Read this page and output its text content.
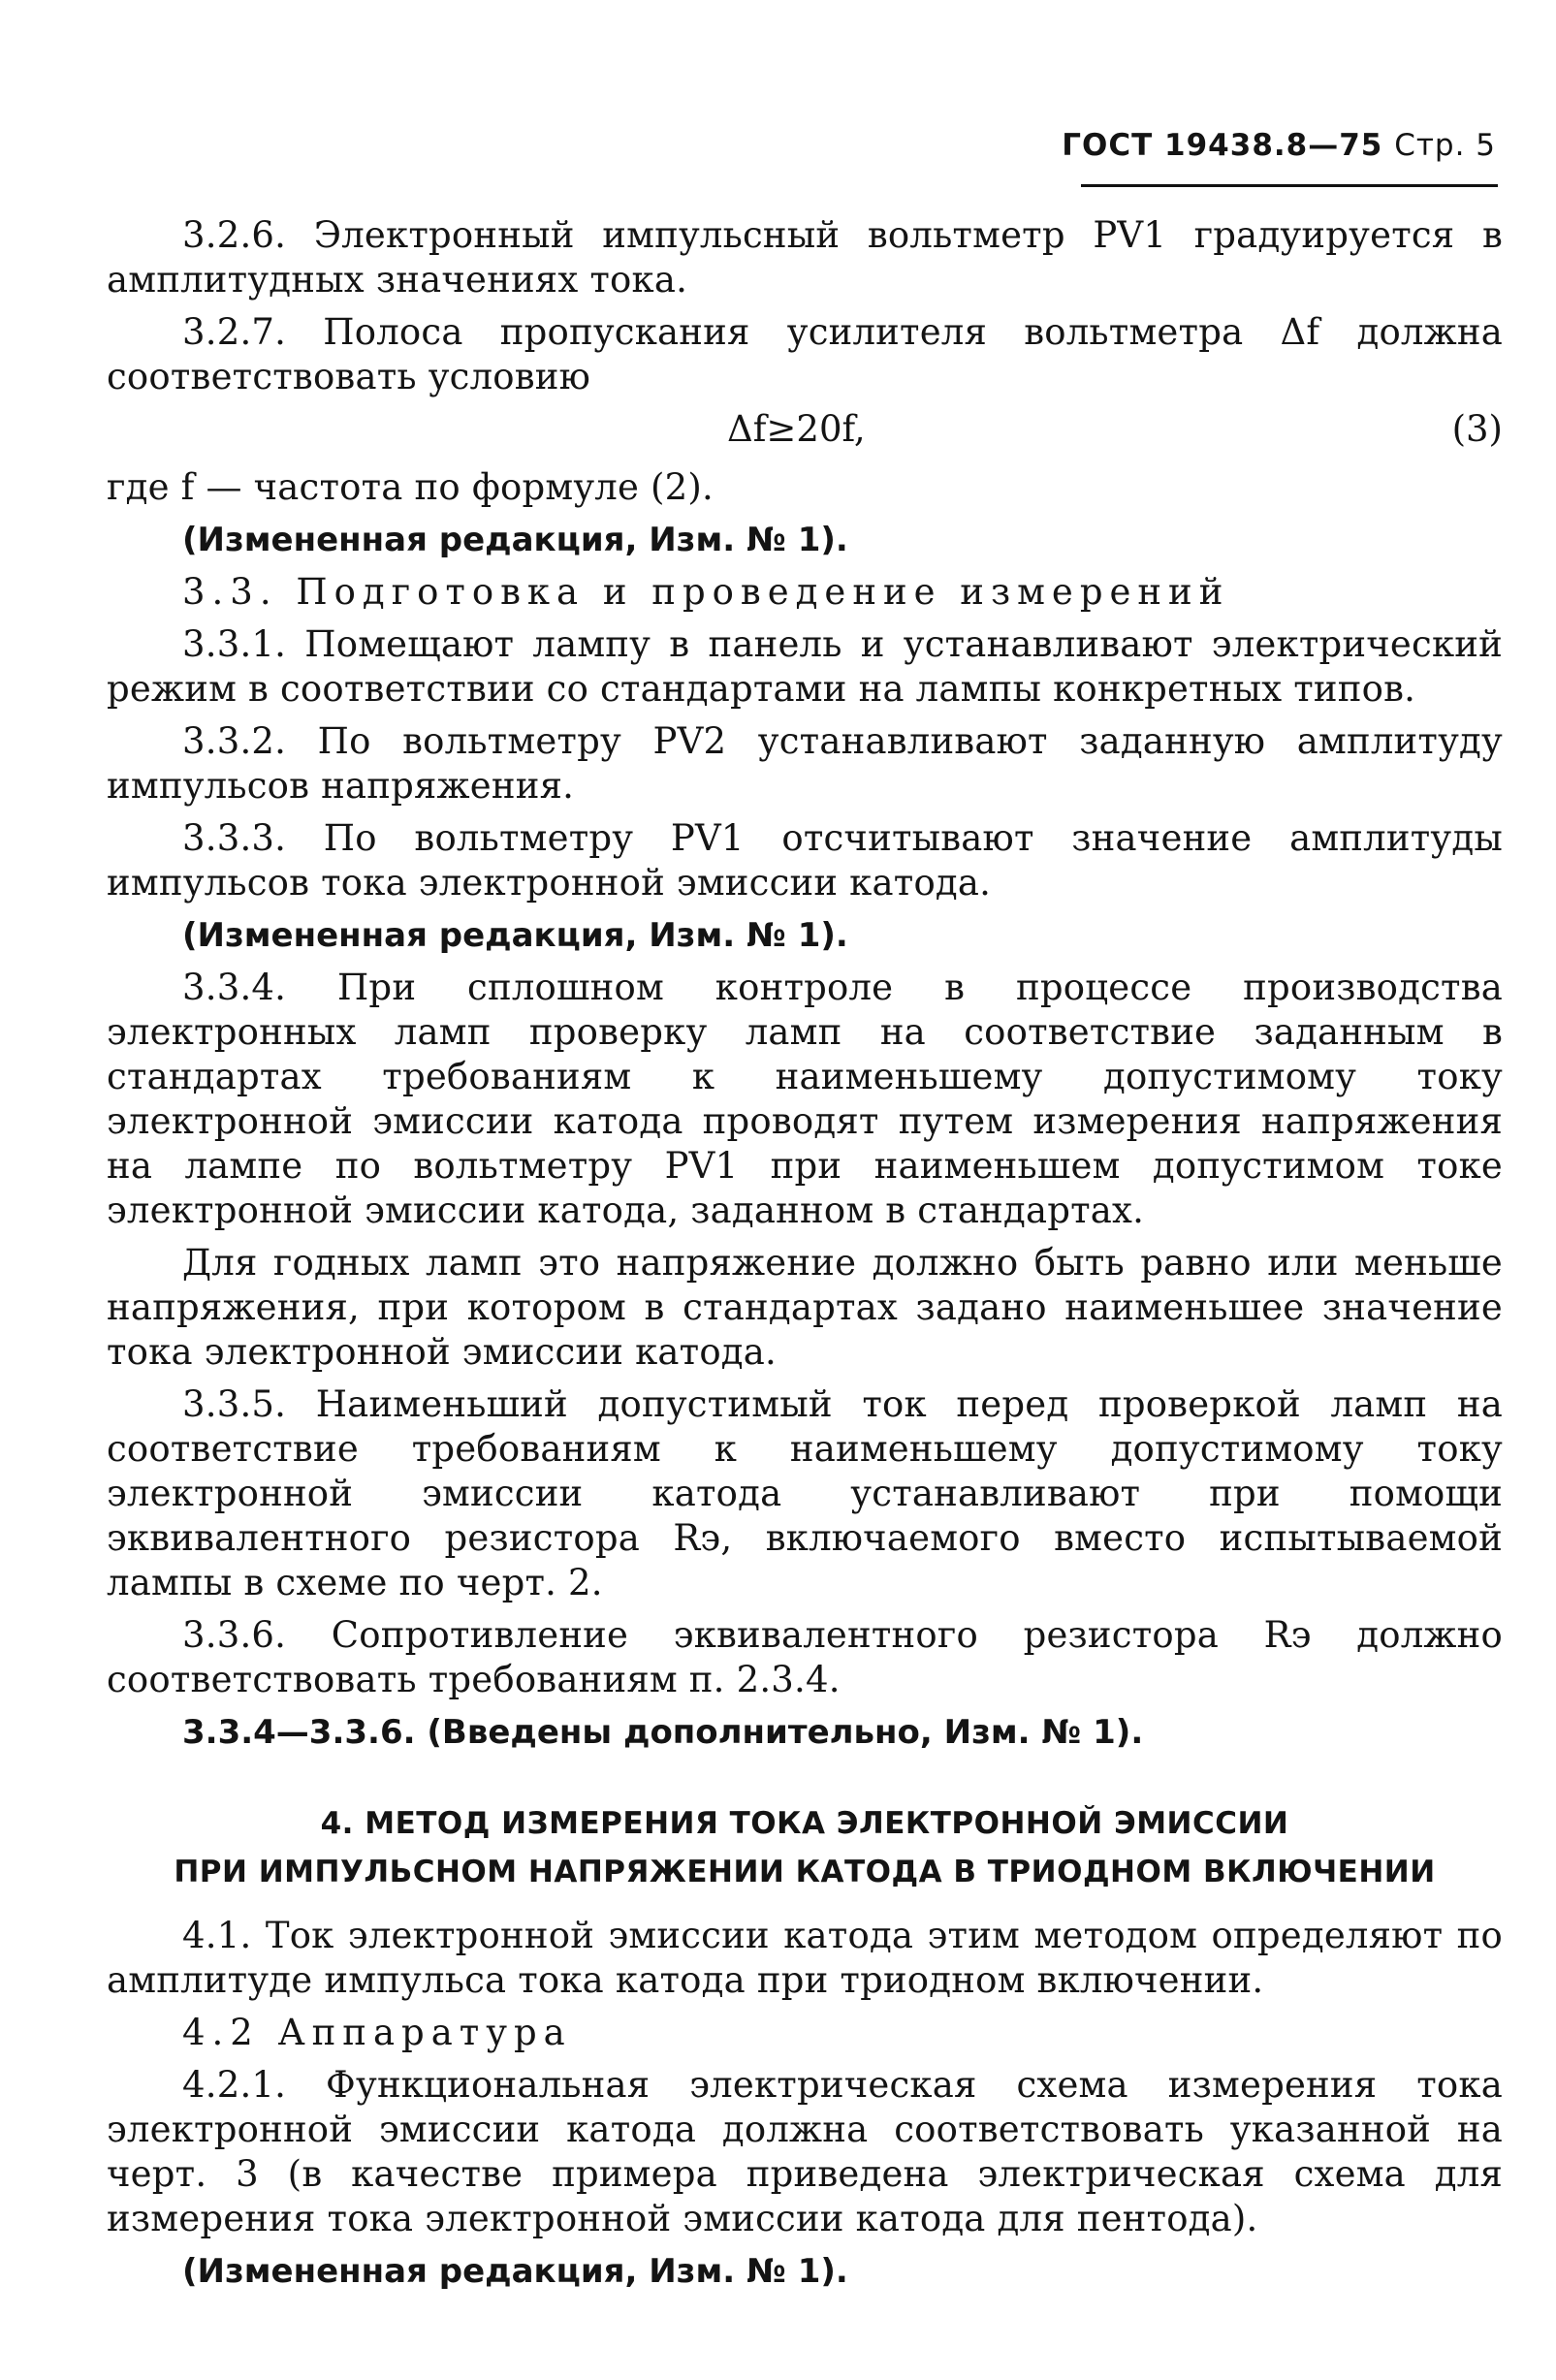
ГОСТ 19438.8—75 Стр. 5

3.2.6. Электронный импульсный вольтметр PV1 градуируется в амплитудных значениях тока.

3.2.7. Полоса пропускания усилителя вольтметра Δf должна соответствовать условию

Δf≥20f,	(3)

где f — частота по формуле (2).

(Измененная редакция, Изм. № 1).

3.3. Подготовка и проведение измерений

3.3.1. Помещают лампу в панель и устанавливают электрический режим в соответствии со стандартами на лампы конкретных типов.

3.3.2. По вольтметру PV2 устанавливают заданную амплитуду импульсов напряжения.

3.3.3. По вольтметру PV1 отсчитывают значение амплитуды импульсов тока электронной эмиссии катода.

(Измененная редакция, Изм. № 1).

3.3.4. При сплошном контроле в процессе производства электронных ламп проверку ламп на соответствие заданным в стандартах требованиям к наименьшему допустимому току электронной эмиссии катода проводят путем измерения напряжения на лампе по вольтметру PV1 при наименьшем допустимом токе электронной эмиссии катода, заданном в стандартах.

Для годных ламп это напряжение должно быть равно или меньше напряжения, при котором в стандартах задано наименьшее значение тока электронной эмиссии катода.

3.3.5. Наименьший допустимый ток перед проверкой ламп на соответствие требованиям к наименьшему допустимому току электронной эмиссии катода устанавливают при помощи эквивалентного резистора Rэ, включаемого вместо испытываемой лампы в схеме по черт. 2.

3.3.6. Сопротивление эквивалентного резистора Rэ должно соответствовать требованиям п. 2.3.4.

3.3.4—3.3.6. (Введены дополнительно, Изм. № 1).

4. МЕТОД ИЗМЕРЕНИЯ ТОКА ЭЛЕКТРОННОЙ ЭМИССИИ
ПРИ ИМПУЛЬСНОМ НАПРЯЖЕНИИ КАТОДА В ТРИОДНОМ ВКЛЮЧЕНИИ

4.1. Ток электронной эмиссии катода этим методом определяют по амплитуде импульса тока катода при триодном включении.

4.2 Аппаратура

4.2.1. Функциональная электрическая схема измерения тока электронной эмиссии катода должна соответствовать указанной на черт. 3 (в качестве примера приведена электрическая схема для измерения тока электронной эмиссии катода для пентода).

(Измененная редакция, Изм. № 1).
